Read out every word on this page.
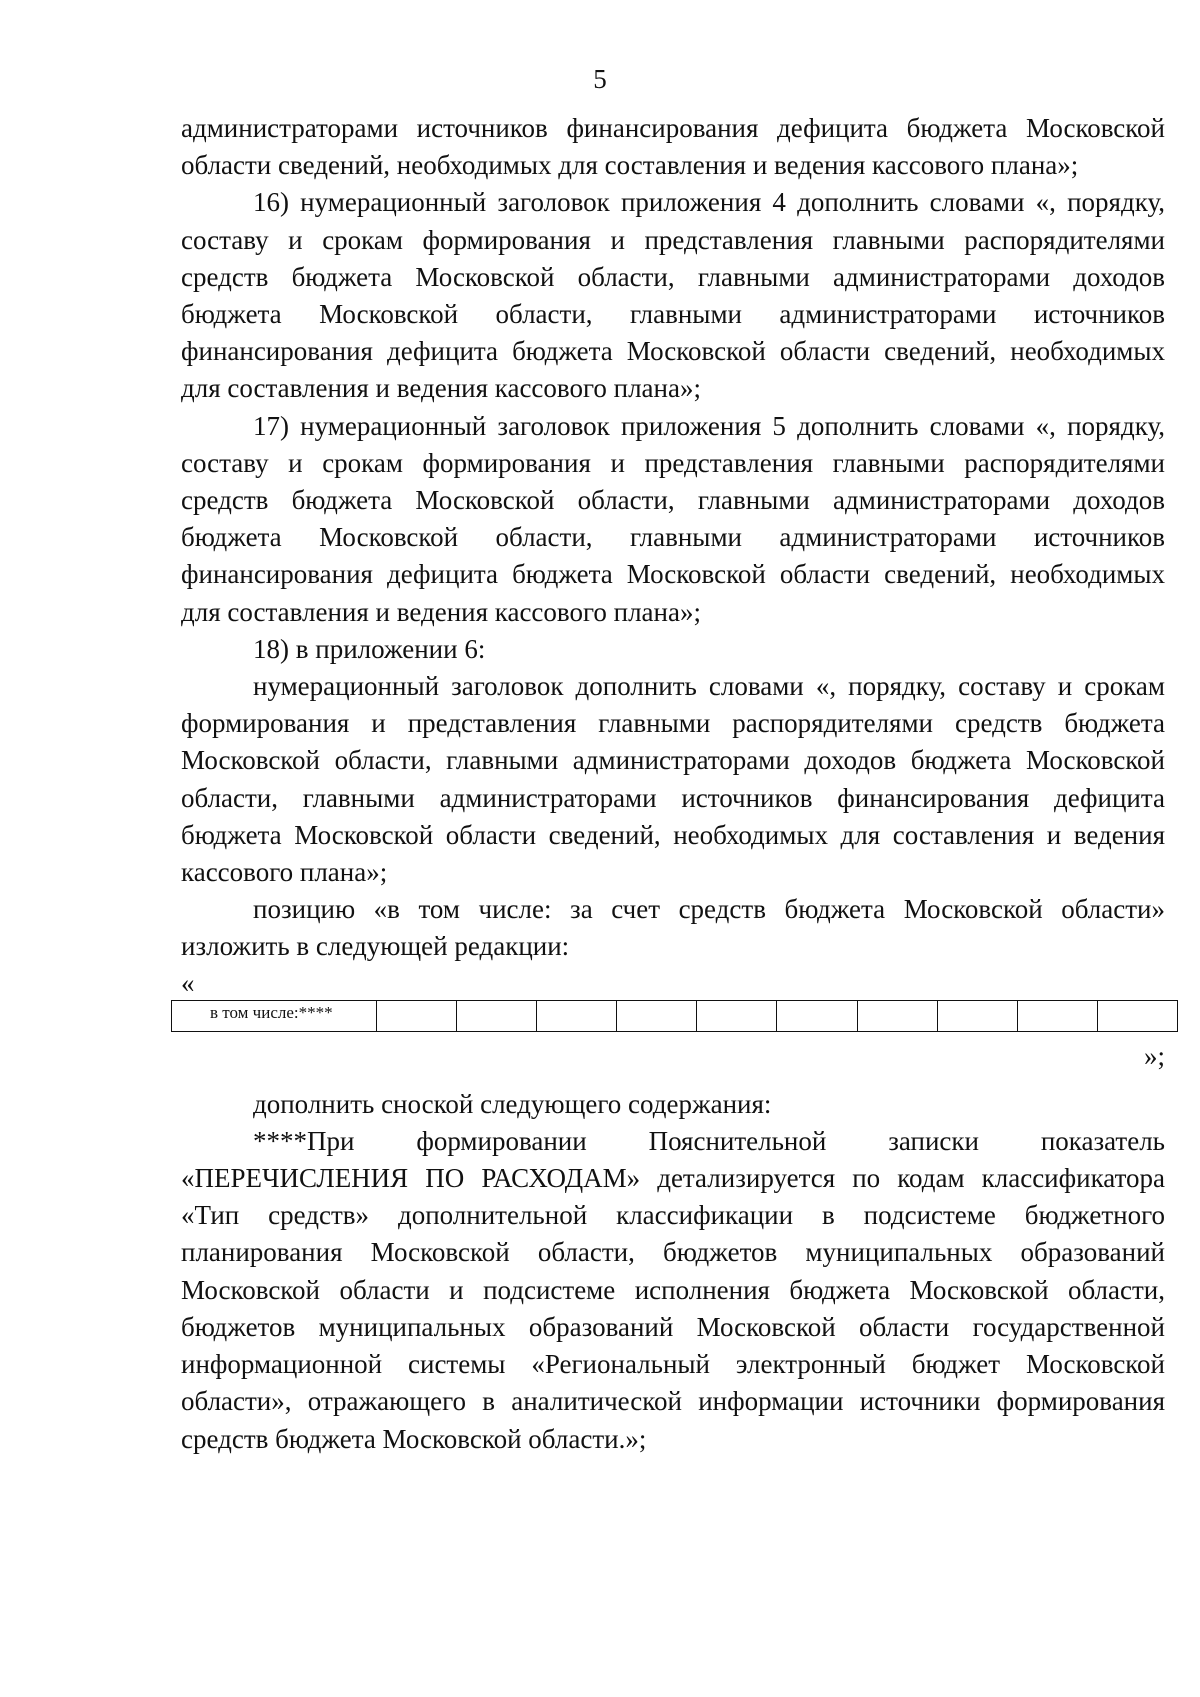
5

администраторами источников финансирования дефицита бюджета Московской области сведений, необходимых для составления и ведения кассового плана»;

16) нумерационный заголовок приложения 4 дополнить словами «, порядку, составу и срокам формирования и представления главными распорядителями средств бюджета Московской области, главными администраторами доходов бюджета Московской области, главными администраторами источников финансирования дефицита бюджета Московской области сведений, необходимых для составления и ведения кассового плана»;

17) нумерационный заголовок приложения 5 дополнить словами «, порядку, составу и срокам формирования и представления главными распорядителями средств бюджета Московской области, главными администраторами доходов бюджета Московской области, главными администраторами источников финансирования дефицита бюджета Московской области сведений, необходимых для составления и ведения кассового плана»;

18) в приложении 6:

нумерационный заголовок дополнить словами «, порядку, составу и срокам формирования и представления главными распорядителями средств бюджета Московской области, главными администраторами доходов бюджета Московской области, главными администраторами источников финансирования дефицита бюджета Московской области сведений, необходимых для составления и ведения кассового плана»;

позицию «в том числе: за счет средств бюджета Московской области» изложить в следующей редакции:

«

в том числе:****										

»;

дополнить сноской следующего содержания:

****При формировании Пояснительной записки показатель «ПЕРЕЧИСЛЕНИЯ ПО РАСХОДАМ» детализируется по кодам классификатора «Тип средств» дополнительной классификации в подсистеме бюджетного планирования Московской области, бюджетов муниципальных образований Московской области и подсистеме исполнения бюджета Московской области, бюджетов муниципальных образований Московской области государственной информационной системы «Региональный электронный бюджет Московской области», отражающего в аналитической информации источники формирования средств бюджета Московской области.»;
